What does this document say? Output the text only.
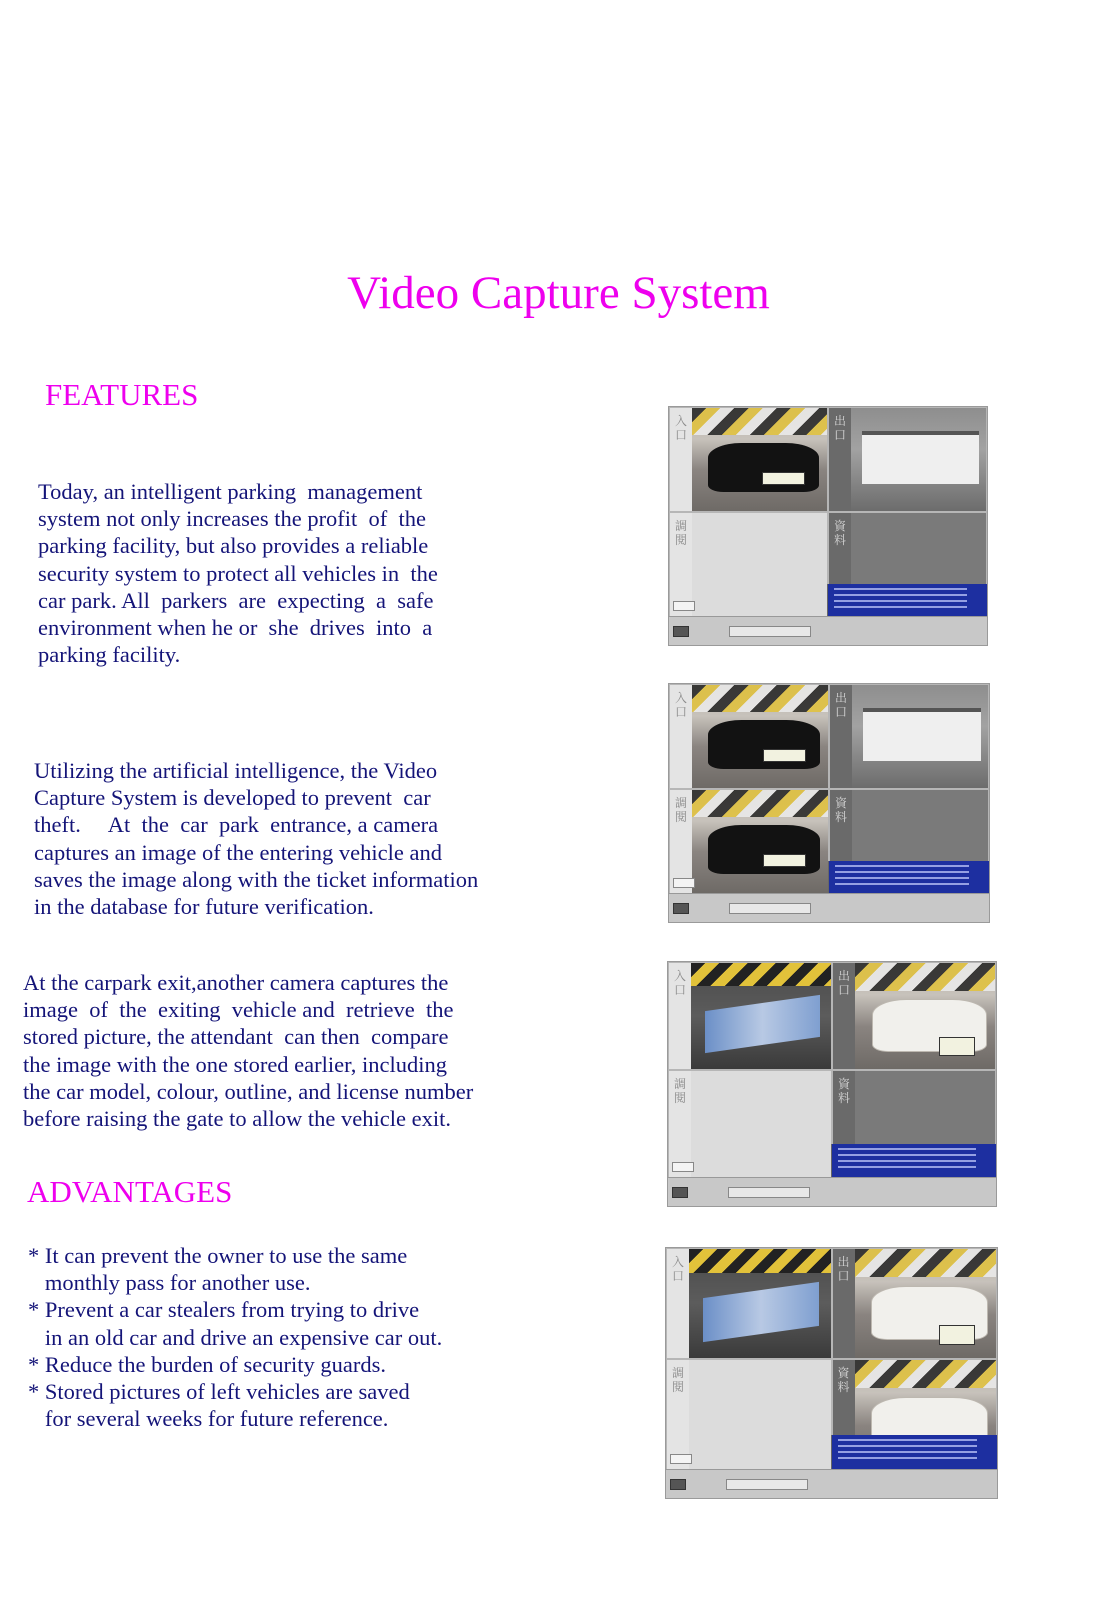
Video Capture System
FEATURES
Today, an intelligent parking  management
system not only increases the profit  of  the
parking facility, but also provides a reliable
security system to protect all vehicles in  the
car park. All  parkers  are  expecting  a  safe
environment when he or  she  drives  into  a
parking facility.
Utilizing the artificial intelligence, the Video
Capture System is developed to prevent  car
theft.     At  the  car  park  entrance, a camera
captures an image of the entering vehicle and
saves the image along with the ticket information
in the database for future verification.
At the carpark exit,another camera captures the
image  of  the  exiting  vehicle and  retrieve  the
stored picture, the attendant  can then  compare
the image with the one stored earlier, including
the car model, colour, outline, and license number
before raising the gate to allow the vehicle exit.
ADVANTAGES
* It can prevent the owner to use the same
monthly pass for another use.
* Prevent a car stealers from trying to drive
in an old car and drive an expensive car out.
* Reduce the burden of security guards.
* Stored pictures of left vehicles are saved
for several weeks for future reference.
入口
出口
調閱
資料
入口
出口
調閱
資料
入口
出口
調閱
資料
入口
出口
調閱
資料
